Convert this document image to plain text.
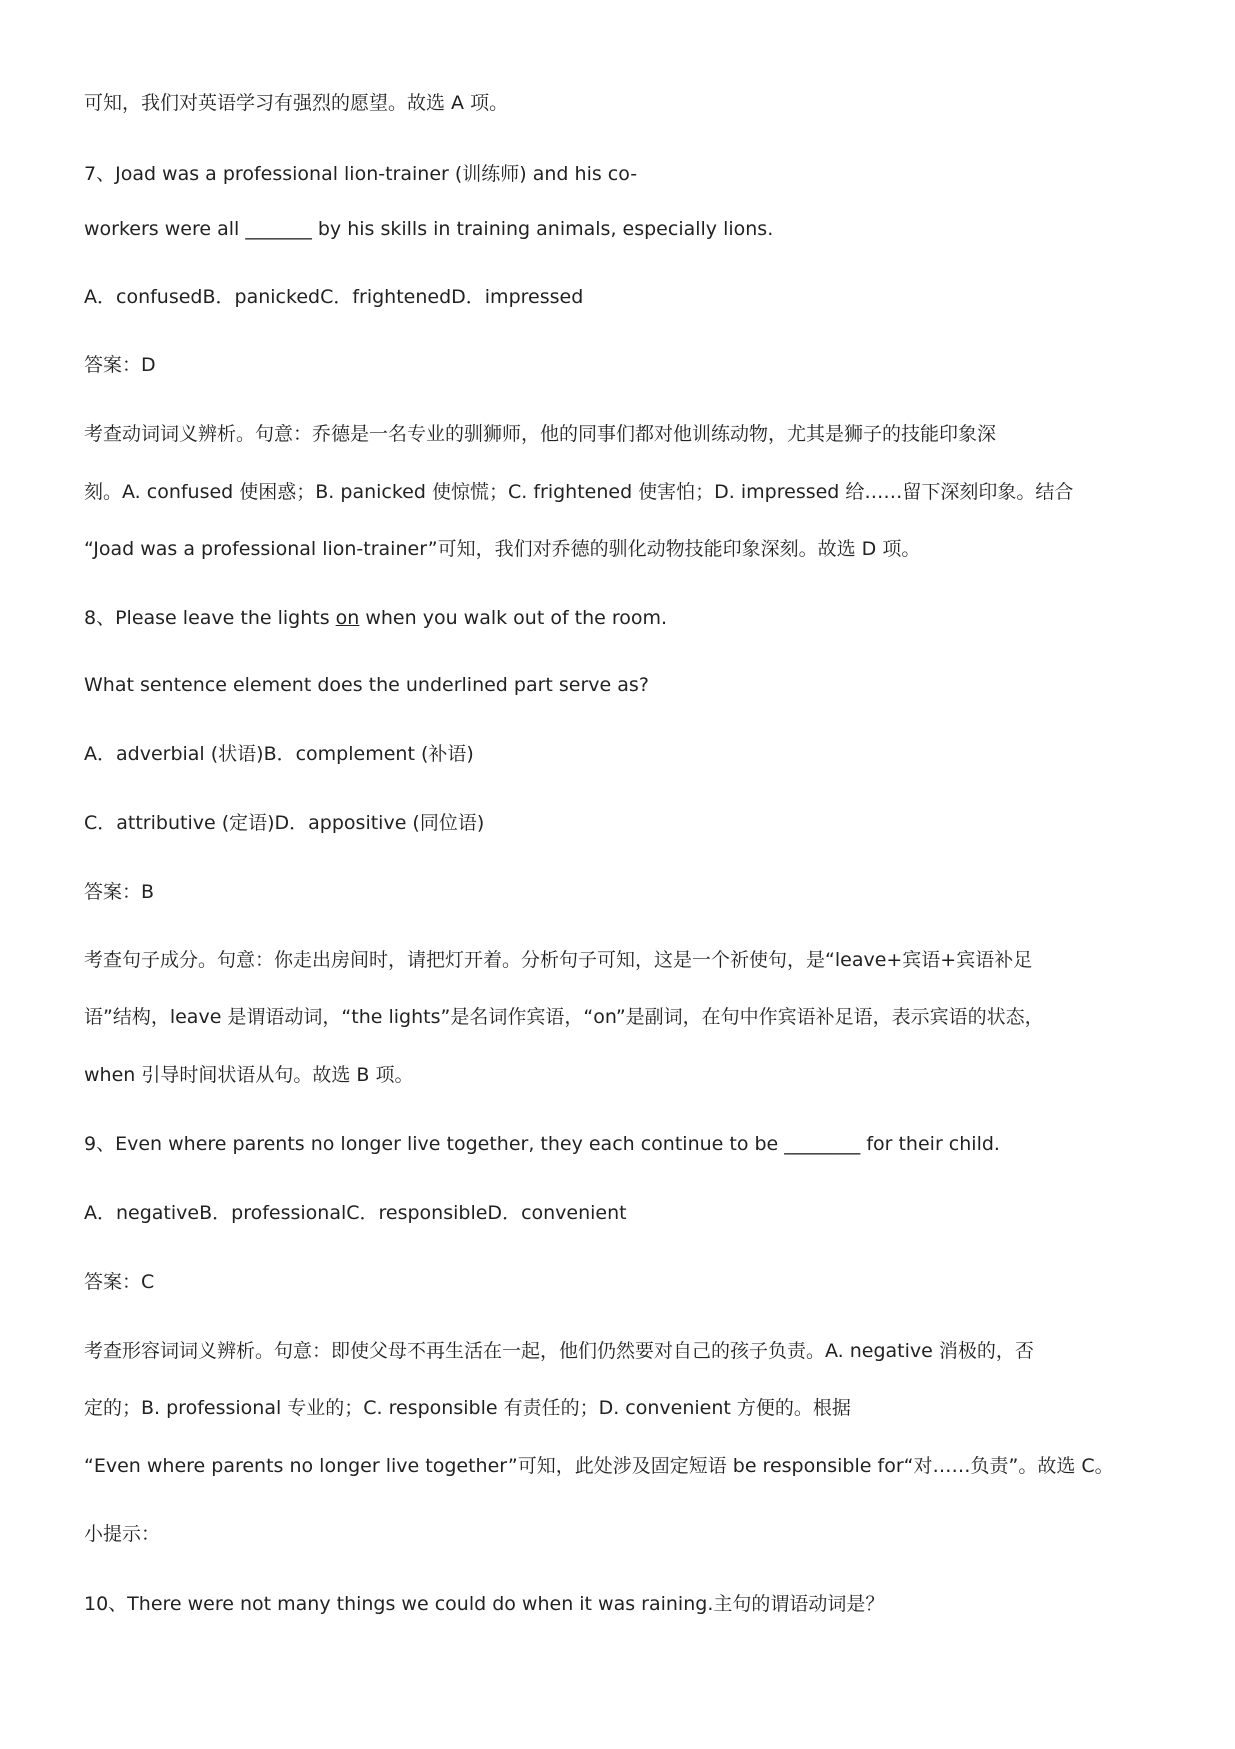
可知，我们对英语学习有强烈的愿望。故选 A 项。
7、Joad was a professional lion-trainer (训练师) and his co-
workers were all _______ by his skills in training animals, especially lions.
A．confusedB．panickedC．frightenedD．impressed
答案：D
考查动词词义辨析。句意：乔德是一名专业的驯狮师，他的同事们都对他训练动物，尤其是狮子的技能印象深
刻。A. confused 使困惑；B. panicked 使惊慌；C. frightened 使害怕；D. impressed 给……留下深刻印象。结合
“Joad was a professional lion-trainer”可知，我们对乔德的驯化动物技能印象深刻。故选 D 项。
8、Please leave the lights on when you walk out of the room.
What sentence element does the underlined part serve as?
A．adverbial (状语)B．complement (补语)
C．attributive (定语)D．appositive (同位语)
答案：B
考查句子成分。句意：你走出房间时，请把灯开着。分析句子可知，这是一个祈使句，是“leave+宾语+宾语补足
语”结构，leave 是谓语动词，“the lights”是名词作宾语，“on”是副词，在句中作宾语补足语，表示宾语的状态，
when 引导时间状语从句。故选 B 项。
9、Even where parents no longer live together, they each continue to be ________ for their child.
A．negativeB．professionalC．responsibleD．convenient
答案：C
考查形容词词义辨析。句意：即使父母不再生活在一起，他们仍然要对自己的孩子负责。A. negative 消极的，否
定的；B. professional 专业的；C. responsible 有责任的；D. convenient 方便的。根据
“Even where parents no longer live together”可知，此处涉及固定短语 be responsible for“对……负责”。故选 C。
小提示：
10、There were not many things we could do when it was raining.主句的谓语动词是？
